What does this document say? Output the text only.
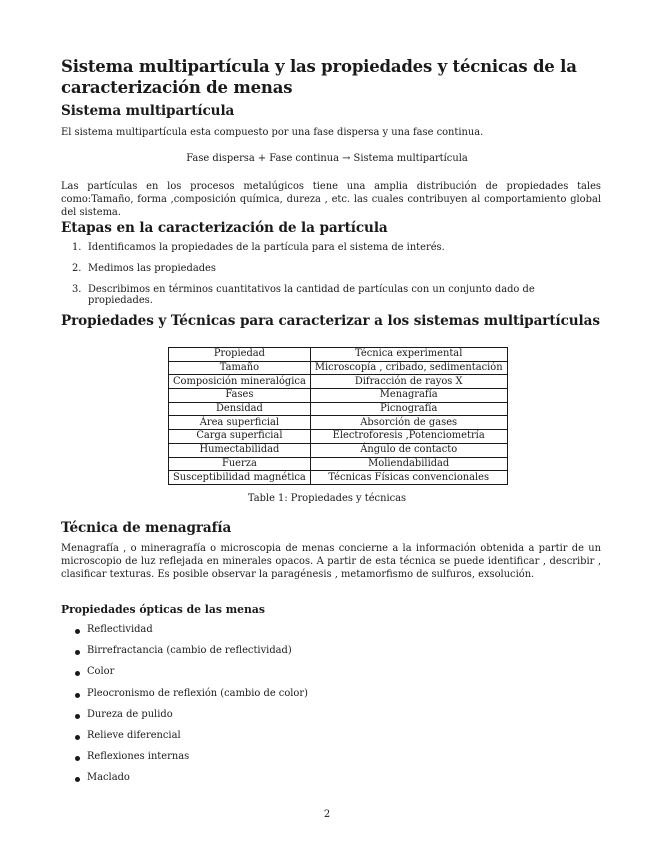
Sistema multipartícula y las propiedades y técnicas de la caracterización de menas
Sistema multipartícula

El sistema multipartícula esta compuesto por una fase dispersa y una fase continua.

Fase dispersa + Fase continua → Sistema multipartícula

Las partículas en los procesos metalúgicos tiene una amplia distribución de propiedades tales como:Tamaño, forma ,composición química, dureza , etc. las cuales contribuyen al comportamiento global del sistema.

Etapas en la caracterización de la partícula
1. Identificamos la propiedades de la partícula para el sistema de interés.
2. Medimos las propiedades
3. Describimos en términos cuantitativos la cantidad de partículas con un conjunto dado de propiedades.
Propiedades y Técnicas para caracterizar a los sistemas multipartículas
Propiedad	Técnica experimental
Tamaño	Microscopía , cribado, sedimentación
Composición mineralógica	Difracción de rayos X
Fases	Menagrafía
Densidad	Picnografía
Área superficial	Absorción de gases
Carga superficial	Electroforesis ,Potenciometría
Humectabilidad	Ángulo de contacto
Fuerza	Moliendabilidad
Susceptibilidad magnética	Técnicas Físicas convencionales

Table 1: Propiedades y técnicas

Técnica de menagrafía

Menagrafía , o mineragrafía o microscopia de menas concierne a la información obtenida a partir de un microscopio de luz reflejada en minerales opacos. A partir de esta técnica se puede identificar , describir , clasificar texturas. Es posible observar la paragénesis , metamorfismo de sulfuros, exsolución.

Propiedades ópticas de las menas
Reflectividad
Birrefractancia (cambio de reflectividad)
Color
Pleocronismo de reflexión (cambio de color)
Dureza de pulido
Relieve diferencial
Reflexiones internas
Maclado
2
